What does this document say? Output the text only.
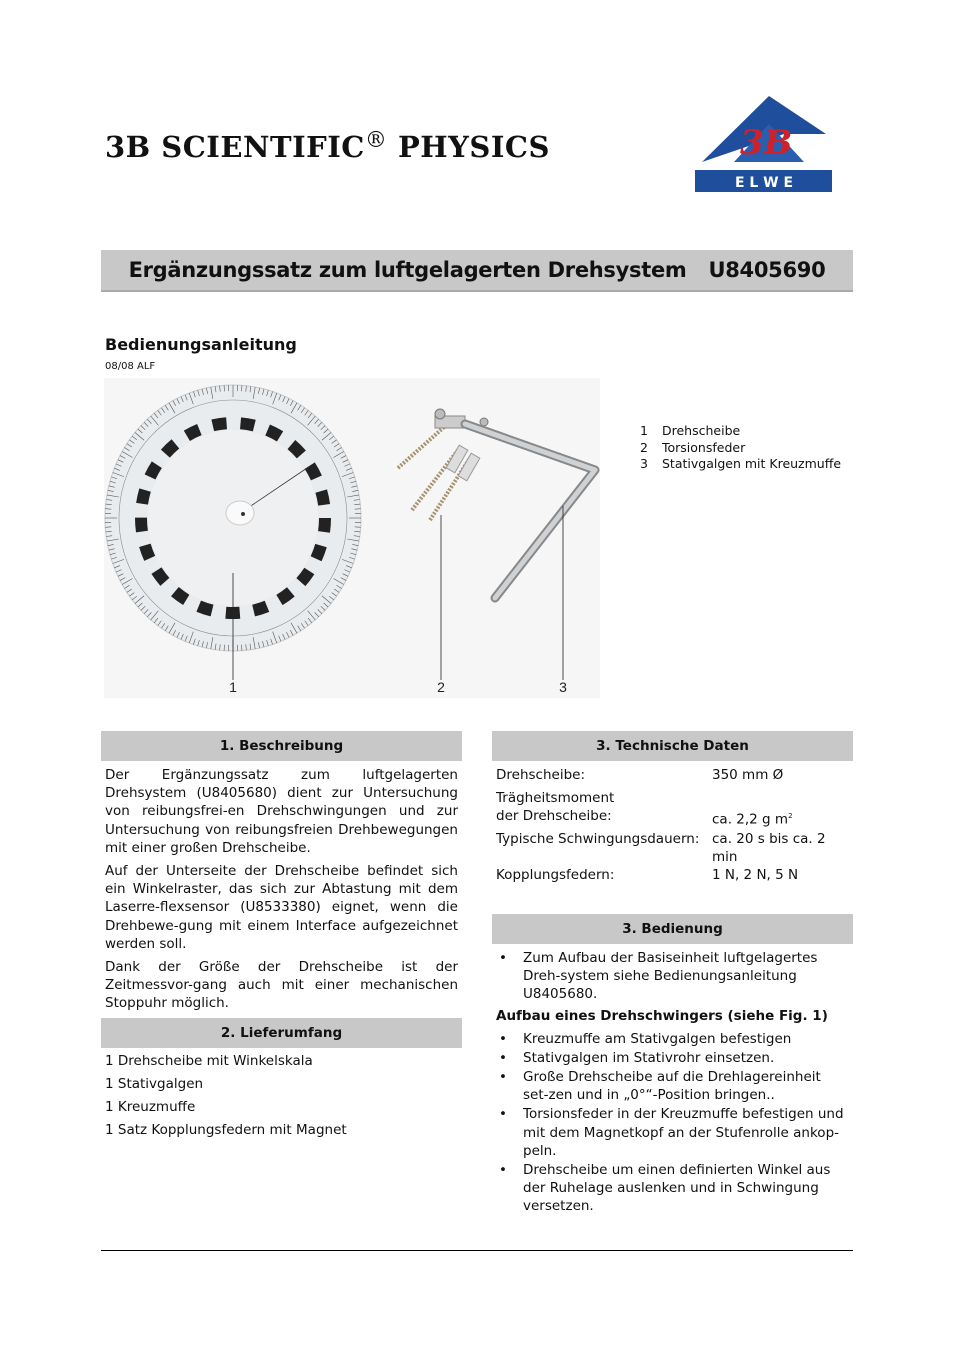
3B SCIENTIFIC® PHYSICS	3B
E L W E
Ergänzungssatz zum luftgelagerten Drehsystem U8405690
Bedienungsanleitung
08/08 ALF
1	2	3
1	Drehscheibe
2	Torsionsfeder
3	Stativgalgen mit Kreuzmuffe
1. Beschreibung

Der Ergänzungssatz zum luftgelagerten Drehsystem (U8405680) dient zur Untersuchung von reibungsfrei-en Drehschwingungen und zur Untersuchung von reibungsfreien Drehbewegungen mit einer großen Drehscheibe.

Auf der Unterseite der Drehscheibe befindet sich ein Winkelraster, das sich zur Abtastung mit dem Laserre-flexsensor (U8533380) eignet, wenn die Drehbewe-gung mit einem Interface aufgezeichnet werden soll.

Dank der Größe der Drehscheibe ist der Zeitmessvor-gang auch mit einer mechanischen Stoppuhr möglich.

2. Lieferumfang
1 Drehscheibe mit Winkelskala
1 Stativgalgen
1 Kreuzmuffe
1 Satz Kopplungsfedern mit Magnet
3. Technische Daten
Drehscheibe:	350 mm Ø
Trägheitsmoment	
der Drehscheibe:	ca. 2,2 g $m^2$
Typische Schwingungsdauern:	ca. 20 s bis ca. 2 min
Kopplungsfedern:	1 N, 2 N, 5 N
3. Bedienung
• Zum Aufbau der Basiseinheit luftgelagertes Dreh-system siehe Bedienungsanleitung U8405680.
Aufbau eines Drehschwingers (siehe Fig. 1)
• Kreuzmuffe am Stativgalgen befestigen
• Stativgalgen im Stativrohr einsetzen.
• Große Drehscheibe auf die Drehlagereinheit set-zen und in „0°“-Position bringen..
• Torsionsfeder in der Kreuzmuffe befestigen und mit dem Magnetkopf an der Stufenrolle ankop-peln.
• Drehscheibe um einen definierten Winkel aus der Ruhelage auslenken und in Schwingung versetzen.
